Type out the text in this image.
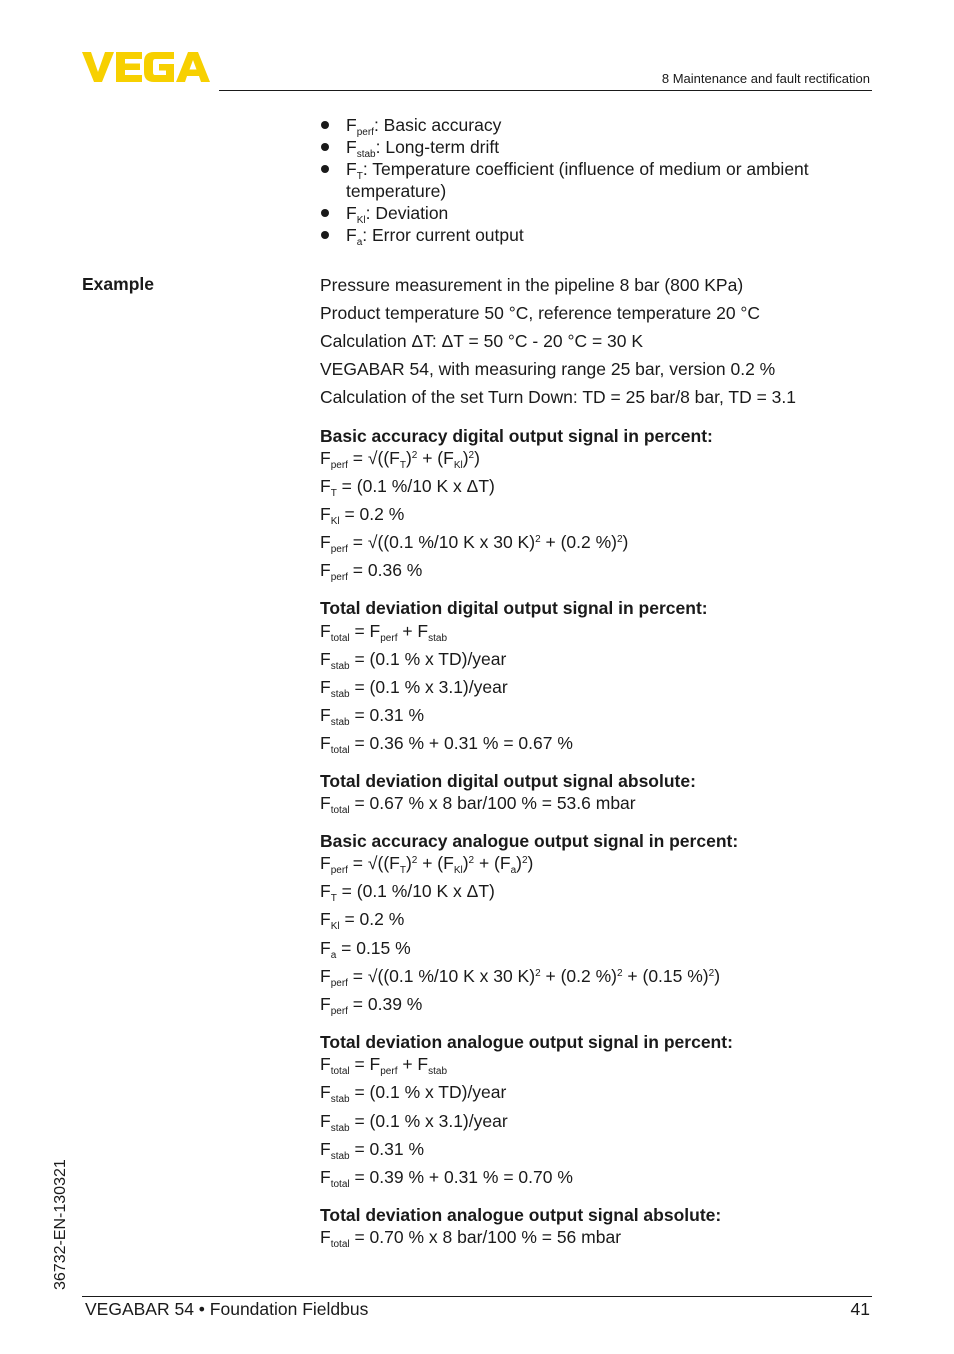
8 Maintenance and fault rectification
$F_{perf}$: Basic accuracy
$F_{stab}$: Long-term drift
$F_T$: Temperature coefficient (influence of medium or ambient temperature)
$F_{Kl}$: Deviation
$F_a$: Error current output
Example	Pressure measurement in the pipeline 8 bar (800 KPa)
Product temperature 50 °C, reference temperature 20 °C
Calculation ΔT: ΔT = 50 °C - 20 °C = 30 K
VEGABAR 54, with measuring range 25 bar, version 0.2 %
Calculation of the set Turn Down: TD = 25 bar/8 bar, TD = 3.1
Basic accuracy digital output signal in percent:
$F_{perf} = √((F_T)^2 + (F_{Kl})^2)$
$F_T = (0.1$ %/10 K x ΔT)
$F_{Kl} = 0.2$ %
$F_{perf} = √((0.1$ %/10 K x 30 K)$^2$ + (0.2 %)$^2$)
$F_{perf} = 0.36$ %
Total deviation digital output signal in percent:
$F_{total} = F_{perf} + F_{stab}$
$F_{stab} = (0.1$ % x TD)/year
$F_{stab} = (0.1$ % x 3.1)/year
$F_{stab} = 0.31$ %
$F_{total} = 0.36$ % + 0.31 % = 0.67 %
Total deviation digital output signal absolute:
$F_{total} = 0.67$ % x 8 bar/100 % = 53.6 mbar
Basic accuracy analogue output signal in percent:
$F_{perf} = √((F_T)^2 + (F_{Kl})^2 + (F_a)^2)$
$F_T = (0.1$ %/10 K x ΔT)
$F_{Kl} = 0.2$ %
$F_a = 0.15$ %
$F_{perf} = √((0.1$ %/10 K x 30 K)$^2$ + (0.2 %)$^2$ + (0.15 %)$^2$)
$F_{perf} = 0.39$ %
Total deviation analogue output signal in percent:
$F_{total} = F_{perf} + F_{stab}$
$F_{stab} = (0.1$ % x TD)/year
$F_{stab} = (0.1$ % x 3.1)/year
$F_{stab} = 0.31$ %
$F_{total} = 0.39$ % + 0.31 % = 0.70 %
Total deviation analogue output signal absolute:
$F_{total} = 0.70$ % x 8 bar/100 % = 56 mbar
36732-EN-130321
VEGABAR 54 • Foundation Fieldbus	41
